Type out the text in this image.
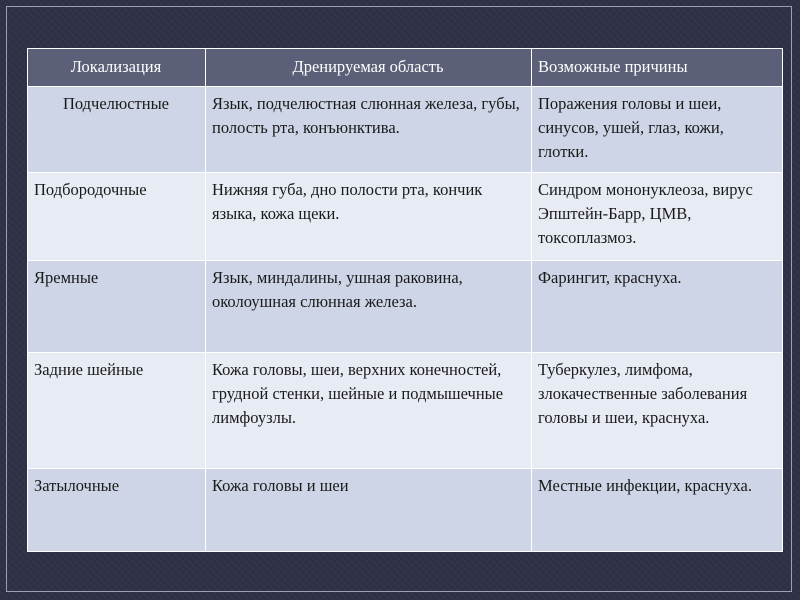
Локализация	Дренируемая область	Возможные причины
Подчелюстные	Язык, подчелюстная слюнная железа, губы, полость рта, конъюнктива.	Поражения головы и шеи, синусов, ушей, глаз, кожи, глотки.
Подбородочные	Нижняя губа, дно полости рта, кончик языка, кожа щеки.	Синдром мононуклеоза, вирус Эпштейн-Барр, ЦМВ, токсоплазмоз.
Яремные	Язык, миндалины, ушная раковина, околоушная слюнная железа.	Фарингит, краснуха.
Задние шейные	Кожа головы, шеи, верхних конечностей, грудной стенки, шейные и подмышечные лимфоузлы.	Туберкулез, лимфома, злокачественные заболевания головы и шеи, краснуха.
Затылочные	Кожа головы и шеи	Местные инфекции, краснуха.
